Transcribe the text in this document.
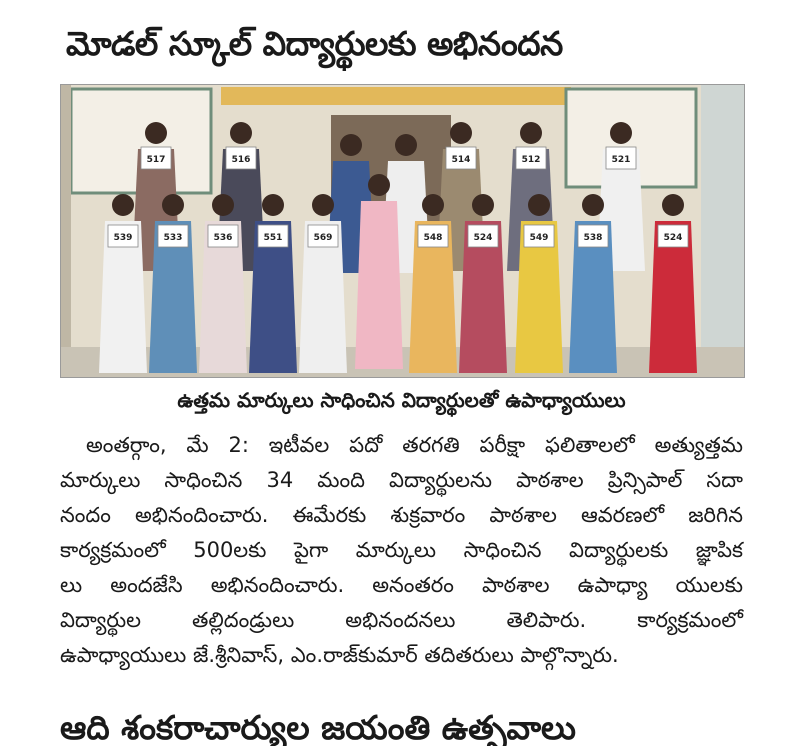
మోడల్ స్కూల్ విద్యార్థులకు అభినందన
517	516	514	512	521
539	533	536	551	569	548	524	549	538	524
ఉత్తమ మార్కులు సాధించిన విద్యార్థులతో ఉపాధ్యాయులు
అంతర్గాం, మే 2: ఇటీవల పదో తరగతి పరీక్షా ఫలితాలలో అత్యుత్తమ
మార్కులు సాధించిన 34 మంది విద్యార్థులను పాఠశాల ప్రిన్సిపాల్ సదా
నందం అభినందించారు. ఈమేరకు శుక్రవారం పాఠశాల ఆవరణలో జరిగిన
కార్యక్రమంలో 500లకు పైగా మార్కులు సాధించిన విద్యార్థులకు జ్ఞాపిక
లు అందజేసి అభినందించారు. అనంతరం పాఠశాల ఉపాధ్యా యులకు
విద్యార్థుల తల్లిదండ్రులు అభినందనలు తెలిపారు. కార్యక్రమంలో
ఉపాధ్యాయులు జే.శ్రీనివాస్, ఎం.రాజ్‌కుమార్ తదితరులు పాల్గొన్నారు.
ఆది శంకరాచార్యుల జయంతి ఉత్సవాలు
